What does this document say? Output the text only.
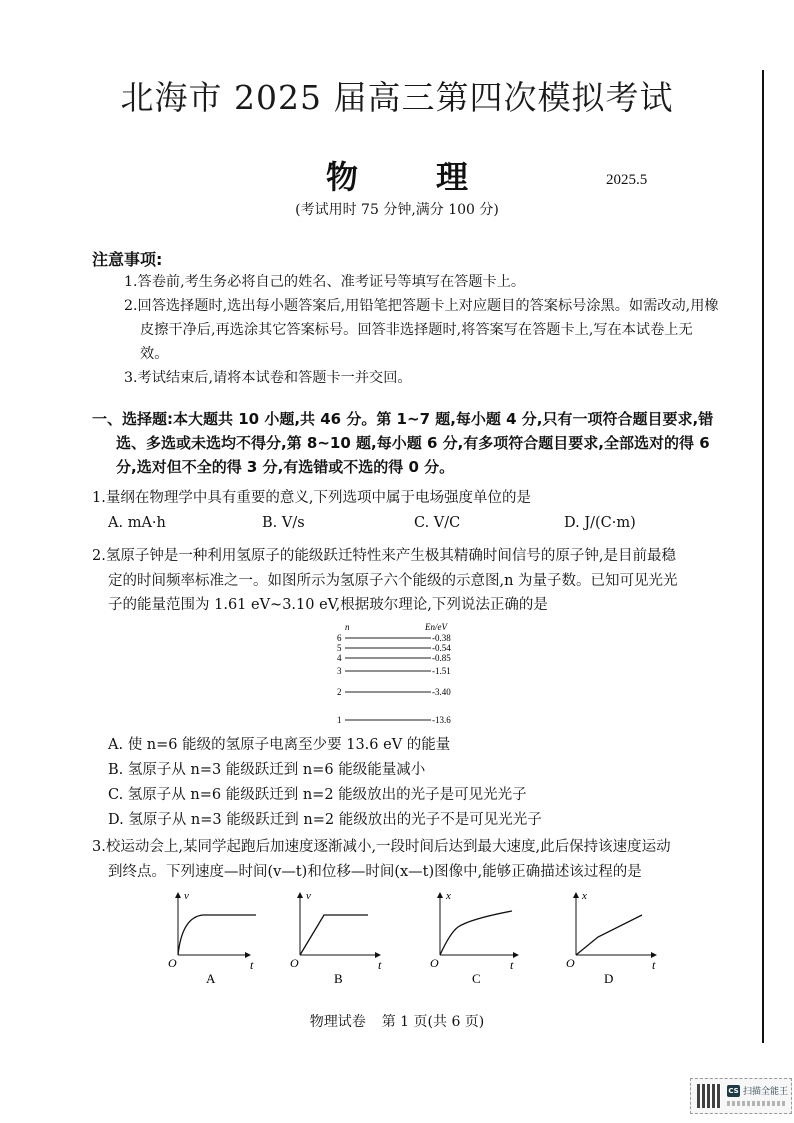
北海市 2025 届高三第四次模拟考试
物 理	2025.5
(考试用时 75 分钟,满分 100 分)
注意事项:
1.答卷前,考生务必将自己的姓名、准考证号等填写在答题卡上。
2.回答选择题时,选出每小题答案后,用铅笔把答题卡上对应题目的答案标号涂黑。如需改动,用橡皮擦干净后,再选涂其它答案标号。回答非选择题时,将答案写在答题卡上,写在本试卷上无效。
3.考试结束后,请将本试卷和答题卡一并交回。
一、选择题:本大题共 10 小题,共 46 分。第 1~7 题,每小题 4 分,只有一项符合题目要求,错
选、多选或未选均不得分,第 8~10 题,每小题 6 分,有多项符合题目要求,全部选对的得 6
分,选对但不全的得 3 分,有选错或不选的得 0 分。
1.量纲在物理学中具有重要的意义,下列选项中属于电场强度单位的是
A. mA·h	B. V/s	C. V/C	D. J/(C·m)
2.氢原子钟是一种利用氢原子的能级跃迁特性来产生极其精确时间信号的原子钟,是目前最稳
定的时间频率标准之一。如图所示为氢原子六个能级的示意图,n 为量子数。已知可见光光
子的能量范围为 1.61 eV~3.10 eV,根据玻尔理论,下列说法正确的是
n	En/eV
6	-0.38
5	-0.54
4	-0.85
3	-1.51
2	-3.40
1	-13.6
A. 使 n=6 能级的氢原子电离至少要 13.6 eV 的能量
B. 氢原子从 n=3 能级跃迁到 n=6 能级能量减小
C. 氢原子从 n=6 能级跃迁到 n=2 能级放出的光子是可见光光子
D. 氢原子从 n=3 能级跃迁到 n=2 能级放出的光子不是可见光光子
3.校运动会上,某同学起跑后加速度逐渐减小,一段时间后达到最大速度,此后保持该速度运动
到终点。下列速度—时间(v—t)和位移—时间(x—t)图像中,能够正确描述该过程的是
v
O	t
A
v
O	t
B
x
O	t
C
x
O	t
D
物理试卷 第 1 页(共 6 页)
CS 扫描全能王
